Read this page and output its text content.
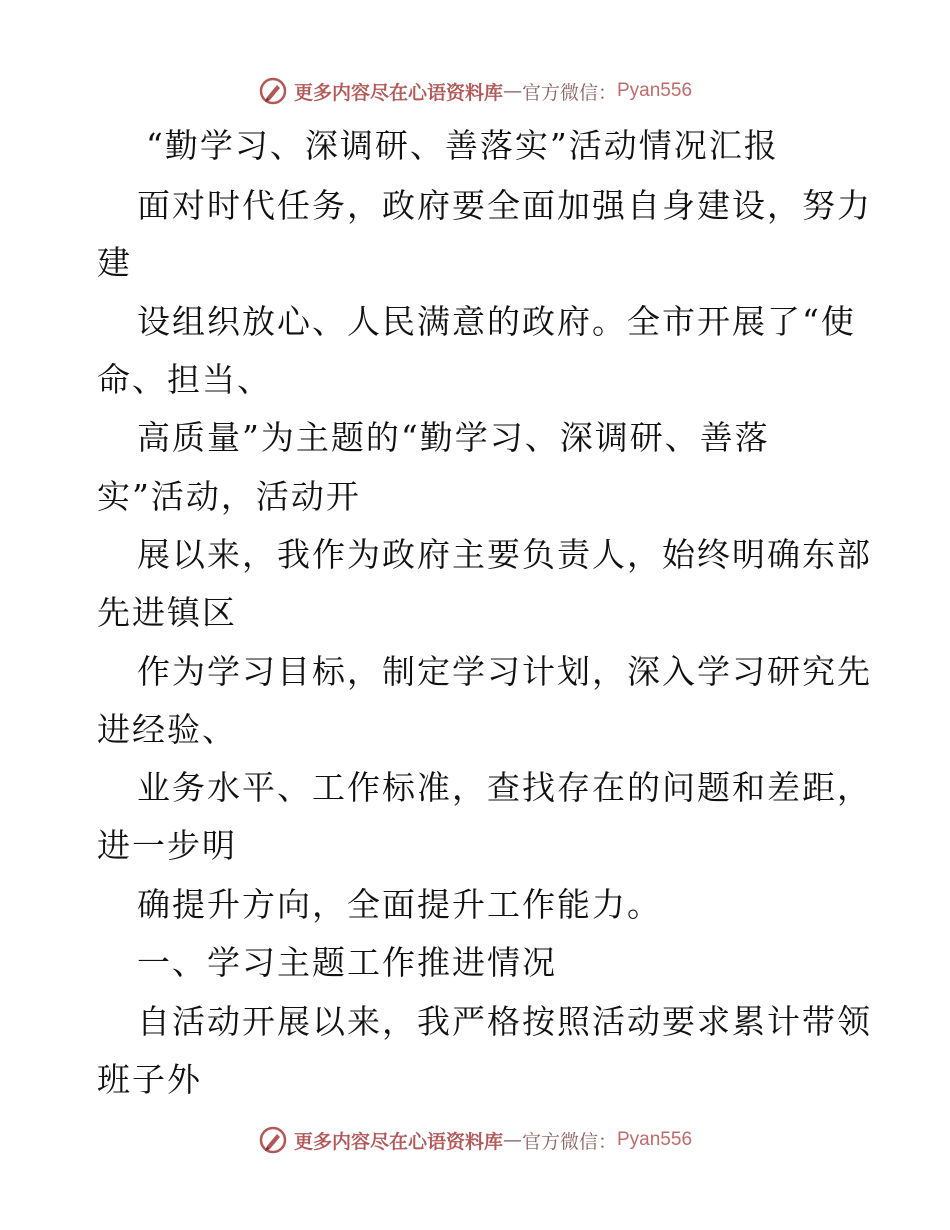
更多内容尽在心语资料库 — 官方微信： Pyan556
“勤学习、深调研、善落实”活动情况汇报
面对时代任务，政府要全面加强自身建设，努力
建
设组织放心、人民满意的政府。全市开展了“使
命、担当、
高质量”为主题的“勤学习、深调研、善落
实”活动，活动开
展以来，我作为政府主要负责人，始终明确东部
先进镇区
作为学习目标，制定学习计划，深入学习研究先
进经验、
业务水平、工作标准，查找存在的问题和差距，
进一步明
确提升方向，全面提升工作能力。
一、学习主题工作推进情况
自活动开展以来，我严格按照活动要求累计带领
班子外
更多内容尽在心语资料库 — 官方微信： Pyan556
